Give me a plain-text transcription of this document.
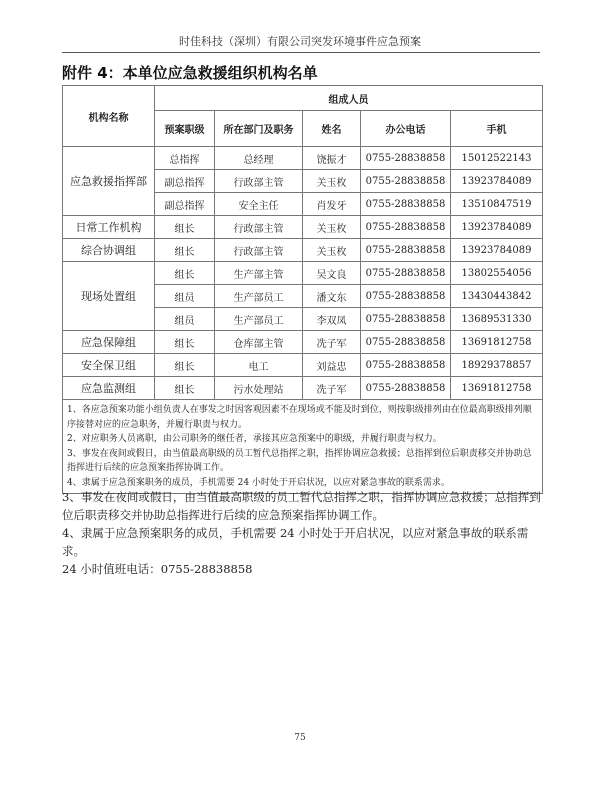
时佳科技（深圳）有限公司突发环境事件应急预案
附件 4：本单位应急救援组织机构名单
机构名称	组成人员				
	预案职级	所在部门及职务	姓名	办公电话	手机
应急救援指挥部	总指挥	总经理	饶振才	0755-28838858	15012522143
	副总指挥	行政部主管	关玉枚	0755-28838858	13923784089
	副总指挥	安全主任	肖发牙	0755-28838858	13510847519
日常工作机构	组长	行政部主管	关玉枚	0755-28838858	13923784089
综合协调组	组长	行政部主管	关玉枚	0755-28838858	13923784089
现场处置组	组长	生产部主管	吴文良	0755-28838858	13802554056
	组员	生产部员工	潘文东	0755-28838858	13430443842
	组员	生产部员工	李双凤	0755-28838858	13689531330
应急保障组	组长	仓库部主管	冼子军	0755-28838858	13691812758
安全保卫组	组长	电工	刘益忠	0755-28838858	18929378857
应急监测组	组长	污水处理站	冼子军	0755-28838858	13691812758

1、各应急预案功能小组负责人在事发之时因客观因素不在现场或不能及时到位，则按职级排列由在位最高职级排列顺序接替对应的应急职务，并履行职责与权力。

2、对应职务人员离职，由公司职务的继任者，承接其应急预案中的职级，并履行职责与权力。

3、事发在夜间或假日，由当值最高职级的员工暂代总指挥之职，指挥协调应急救援；总指挥到位后职责移交并协助总指挥进行后续的应急预案指挥协调工作。

4、隶属于应急预案职务的成员，手机需要 24 小时处于开启状况，以应对紧急事故的联系需求。					

3、事发在夜间或假日，由当值最高职级的员工暂代总指挥之职，指挥协调应急救援；总指挥到位后职责移交并协助总指挥进行后续的应急预案指挥协调工作。

4、隶属于应急预案职务的成员，手机需要 24 小时处于开启状况，以应对紧急事故的联系需求。

24 小时值班电话：0755-28838858

75
